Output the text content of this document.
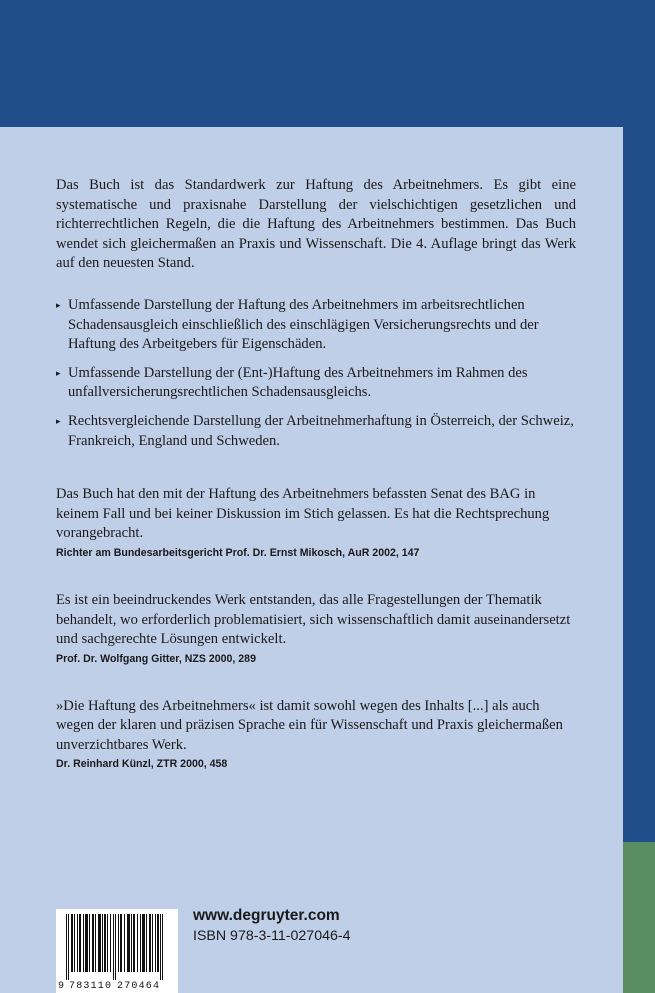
Das Buch ist das Standardwerk zur Haftung des Arbeitnehmers. Es gibt eine systematische und praxisnahe Darstellung der vielschichtigen gesetzlichen und richterrechtlichen Regeln, die die Haftung des Arbeitnehmers bestimmen. Das Buch wendet sich gleichermaßen an Praxis und Wissenschaft. Die 4. Auflage bringt das Werk auf den neuesten Stand.

▸ Umfassende Darstellung der Haftung des Arbeitnehmers im arbeitsrechtlichen Schadensausgleich einschließlich des einschlägigen Versicherungsrechts und der Haftung des Arbeitgebers für Eigenschäden.
▸ Umfassende Darstellung der (Ent-)Haftung des Arbeitnehmers im Rahmen des unfallversicherungsrechtlichen Schadensausgleichs.
▸ Rechtsvergleichende Darstellung der Arbeitnehmerhaftung in Österreich, der Schweiz, Frankreich, England und Schweden.

Das Buch hat den mit der Haftung des Arbeitnehmers befassten Senat des BAG in keinem Fall und bei keiner Diskussion im Stich gelassen. Es hat die Rechtsprechung vorangebracht.

Richter am Bundesarbeitsgericht Prof. Dr. Ernst Mikosch, AuR 2002, 147

Es ist ein beeindruckendes Werk entstanden, das alle Fragestellungen der Thematik behandelt, wo erforderlich problematisiert, sich wissenschaftlich damit auseinandersetzt und sachgerechte Lösungen entwickelt.

Prof. Dr. Wolfgang Gitter, NZS 2000, 289

»Die Haftung des Arbeitnehmers« ist damit sowohl wegen des Inhalts [...] als auch wegen der klaren und präzisen Sprache ein für Wissenschaft und Praxis gleichermaßen unverzichtbares Werk.

Dr. Reinhard Künzl, ZTR 2000, 458
9 783110 270464
www.degruyter.com
ISBN 978-3-11-027046-4
